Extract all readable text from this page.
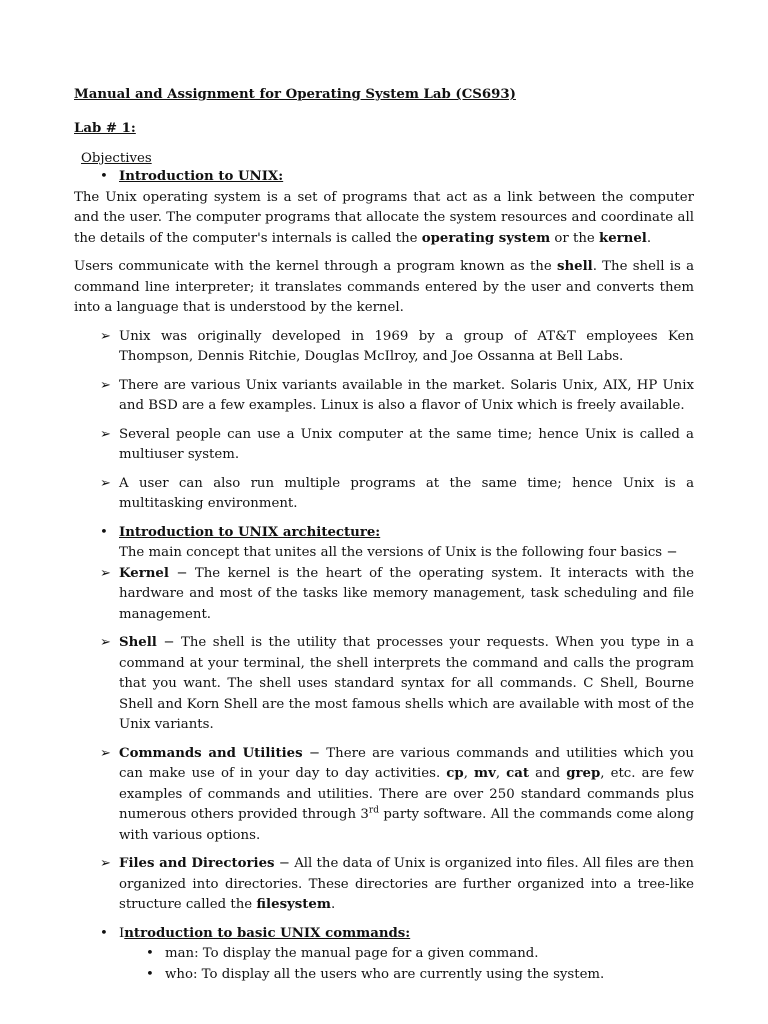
Manual and Assignment for Operating System Lab (CS693)

Lab # 1:

Objectives

• Introduction to UNIX:

The Unix operating system is a set of programs that act as a link between the computer and the user. The computer programs that allocate the system resources and coordinate all the details of the computer's internals is called the operating system or the kernel.

Users communicate with the kernel through a program known as the shell. The shell is a command line interpreter; it translates commands entered by the user and converts them into a language that is understood by the kernel.

➢ Unix was originally developed in 1969 by a group of AT&T employees Ken Thompson, Dennis Ritchie, Douglas McIlroy, and Joe Ossanna at Bell Labs.

➢ There are various Unix variants available in the market. Solaris Unix, AIX, HP Unix and BSD are a few examples. Linux is also a flavor of Unix which is freely available.

➢ Several people can use a Unix computer at the same time; hence Unix is called a multiuser system.

➢ A user can also run multiple programs at the same time; hence Unix is a multitasking environment.

• Introduction to UNIX architecture:

The main concept that unites all the versions of Unix is the following four basics −

➢ Kernel − The kernel is the heart of the operating system. It interacts with the hardware and most of the tasks like memory management, task scheduling and file management.

➢ Shell − The shell is the utility that processes your requests. When you type in a command at your terminal, the shell interprets the command and calls the program that you want. The shell uses standard syntax for all commands. C Shell, Bourne Shell and Korn Shell are the most famous shells which are available with most of the Unix variants.

➢ Commands and Utilities − There are various commands and utilities which you can make use of in your day to day activities. cp, mv, cat and grep, etc. are few examples of commands and utilities. There are over 250 standard commands plus numerous others provided through 3rd party software. All the commands come along with various options.

➢ Files and Directories − All the data of Unix is organized into files. All files are then organized into directories. These directories are further organized into a tree-like structure called the filesystem.

• Introduction to basic UNIX commands:

• man: To display the manual page for a given command.

• who: To display all the users who are currently using the system.
